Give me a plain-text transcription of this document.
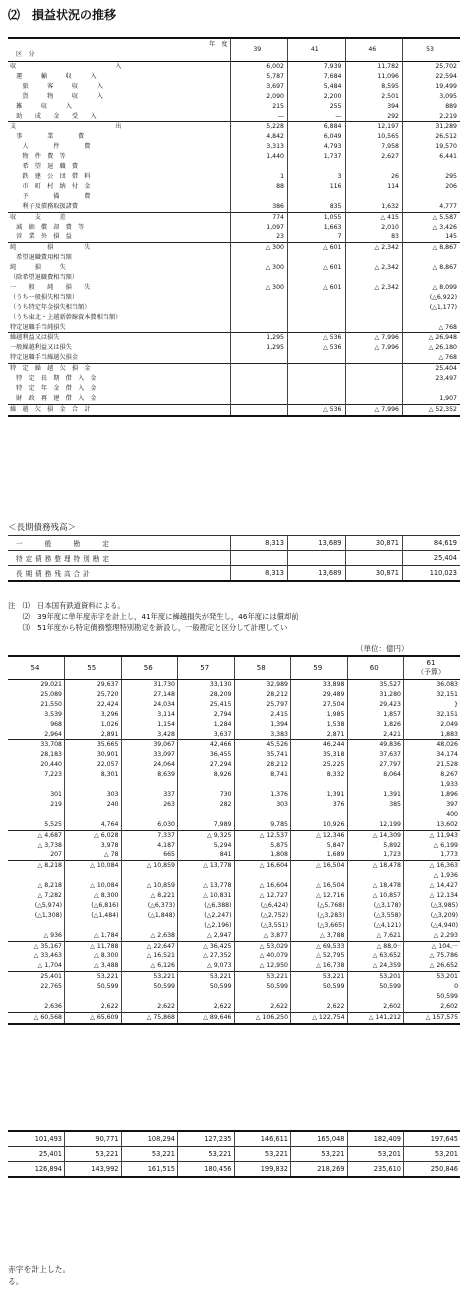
⑵　損益状況の推移
年　度
区　分	39	41	46	53
収　　　　　　　　　　　　　　　　入	6,002	7,939	11,782	25,702
　運　　　輸　　　収　　　入	5,787	7,684	11,096	22,594
　　旅　　　客　　　収　　　入	3,697	5,484	8,595	19,499
　　貨　　　物　　　収　　　入	2,090	2,200	2,501	3,095
　雑　　　収　　　入	215	255	394	889
　助　　成　　金　　受　　入	—	—	292	2,219
支　　　　　　　　　　　　　　　　出	5,228	6,884	12,197	31,289
　事　　　　業　　　　費	4,842	6,049	10,565	26,512
　　人　　　　件　　　　費	3,313	4,793	7,958	19,570
　　物　件　費　等	1,440	1,737	2,627	6,441
　　希　望　退　職　費				
　　鉄　建　公　団　借　料	1	3	26	295
　　市　町　村　納　付　金	88	116	114	206
　　予　　　　備　　　　費				
　　利子及債務取扱諸費	386	835	1,632	4,777
収　　　支　　　差	774	1,055	△ 415	△ 5,587
　減　価　償　却　費　等	1,097	1,663	2,010	△ 3,426
　営　業　外　損　益	23	7	83	145
純　　　　　損　　　　　失	△ 300	△ 601	△ 2,342	△ 8,867
　希望退職費用相当額				
純　　　損　　　失	△ 300	△ 601	△ 2,342	△ 8,867
（除希望退職費相当額）				
一　　般　　純　　損　　失	△ 300	△ 601	△ 2,342	△ 8,099
（うち一般損失相当額）				(△6,922)
（うち特定年金損失相当額）				(△1,177)
（うち東北・上越新幹線資本費相当額）				
特定退職手当純損失				△ 768
繰越利益又は損失	1,295	△ 536	△ 7,996	△ 26,948
一般繰越利益又は損失	1,295	△ 536	△ 7,996	△ 26,180
特定退職手当繰越欠損金				△ 768
特　定　繰　越　欠　損　金				25,404
　特　定　長　期　借　入　金				23,497
　特　定　年　金　借　入　金				
　財　政　再　建　借　入　金				1,907
繰　越　欠　損　金　合　計		△ 536	△ 7,996	△ 52,352
＜長期債務残高＞
一　　般　　勘　　定	8,313	13,689	30,871	84,619
特定債務整理特別勘定				25,404
長期債務残高合計	8,313	13,689	30,871	110,023
注　⑴　日本国有鉄道資料による。
　　⑵　39年度に単年度赤字を計上し，41年度に繰越損失が発生し，46年度には償却前
　　⑶　51年度から特定債務整理特別勘定を新設し，一般勘定と区分して計理してい
（単位：億円）
54	55	56	57	58	59	60	61
（予算）
29,021	29,637	31,730	33,130	32,989	33,898	35,527	36,083
25,089	25,720	27,148	28,209	28,212	29,489	31,280	32,151
21,550	22,424	24,034	25,415	25,797	27,504	29,423	}
3,539	3,296	3,114	2,794	2,415	1,985	1,857	32,151
968	1,026	1,154	1,284	1,394	1,538	1,826	2,049
2,964	2,891	3,428	3,637	3,383	2,871	2,421	1,883
33,708	35,665	39,067	42,466	45,526	46,244	49,836	48,026
28,183	30,901	33,097	36,455	35,741	35,318	37,637	34,174
20,440	22,057	24,064	27,294	28,212	25,225	27,797	21,528
7,223	8,301	8,639	8,926	8,741	8,332	8,064	8,267
							1,933
301	303	337	730	1,376	1,391	1,391	1,896
219	240	263	282	303	376	385	397
							400
5,525	4,764	6,030	7,989	9,785	10,926	12,199	13,602
△ 4,687	△ 6,028	7,337	△ 9,325	△ 12,537	△ 12,346	△ 14,309	△ 11,943
△ 3,738	3,978	4,187	5,294	5,875	5,847	5,892	△ 6,199
207	△ 78	665	841	1,808	1,689	1,723	1,773
△ 8,218	△ 10,084	△ 10,859	△ 13,778	△ 16,604	△ 16,504	△ 18,478	△ 16,363
							△ 1,936
△ 8,218	△ 10,084	△ 10,859	△ 13,778	△ 16,604	△ 16,504	△ 18,478	△ 14,427

△ 7,282	△ 8,300	△ 8,221	△ 10,831	△ 12,727	△ 12,716	△ 10,857	△ 12,134
(△5,974)	(△6,816)	(△6,373)	(△6,388)	(△6,424)	(△5,768)	(△3,178)	(△3,985)
(△1,308)	(△1,484)	(△1,848)	(△2,247)	(△2,752)	(△3,283)	(△3,558)	(△3,209)
			(△2,196)	(△3,551)	(△3,665)	(△4,121)	(△4,940)
△ 936	△ 1,784	△ 2,638	△ 2,947	△ 3,877	△ 3,788	△ 7,621	△ 2,293
△ 35,167	△ 11,788	△ 22,647	△ 36,425	△ 53,029	△ 69,533	△ 88,0··	△ 104,···
△ 33,463	△ 8,300	△ 16,521	△ 27,352	△ 40,079	△ 52,795	△ 63,652	△ 75,786
△ 1,704	△ 3,488	△ 6,126	△ 9,073	△ 12,950	△ 16,738	△ 24,359	△ 26,652
25,401	53,221	53,221	53,221	53,221	53,221	53,201	53,201
22,765	50,599	50,599	50,599	50,599	50,599	50,599	0
							50,599
2,636	2,622	2,622	2,622	2,622	2,622	2,602	2,602
△ 60,568	△ 65,609	△ 75,868	△ 89,646	△ 106,250	△ 122,754	△ 141,212	△ 157,575
101,493	90,771	108,294	127,235	146,611	165,048	182,409	197,645
25,401	53,221	53,221	53,221	53,221	53,221	53,201	53,201
126,894	143,992	161,515	180,456	199,832	218,269	235,610	250,846
赤字を計上した。
る。
